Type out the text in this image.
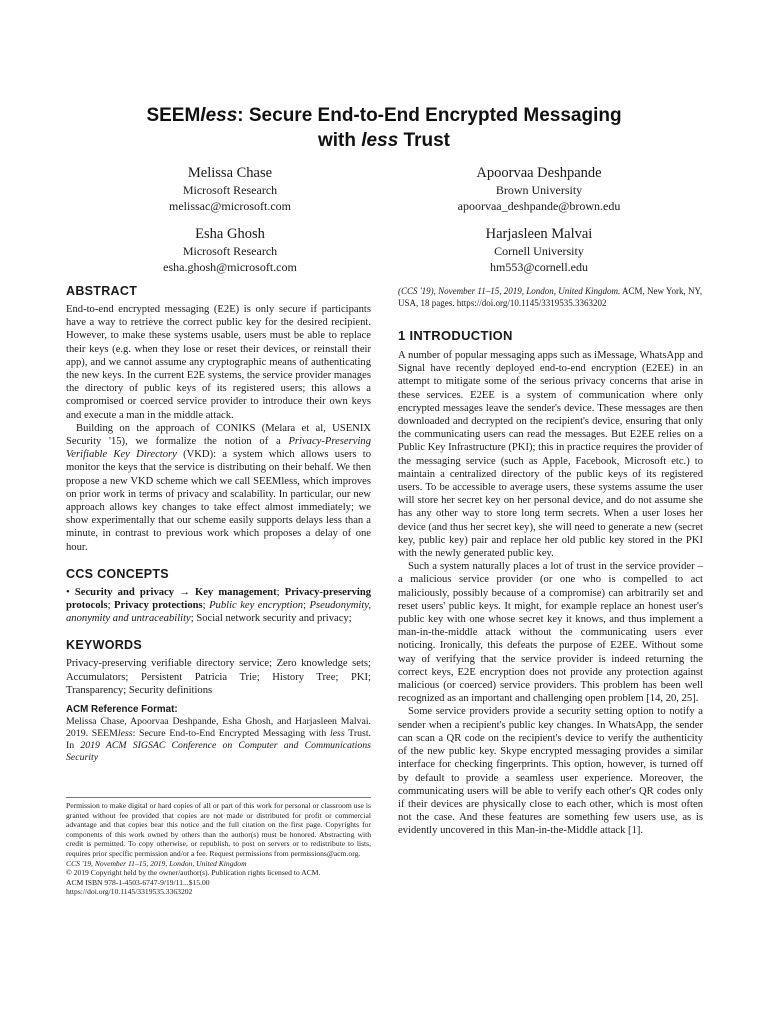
SEEMless: Secure End-to-End Encrypted Messaging
with less Trust
Melissa Chase
Microsoft Research
melissac@microsoft.com
Apoorvaa Deshpande
Brown University
apoorvaa_deshpande@brown.edu
Esha Ghosh
Microsoft Research
esha.ghosh@microsoft.com
Harjasleen Malvai
Cornell University
hm553@cornell.edu
ABSTRACT

End-to-end encrypted messaging (E2E) is only secure if participants have a way to retrieve the correct public key for the desired recipient. However, to make these systems usable, users must be able to replace their keys (e.g. when they lose or reset their devices, or reinstall their app), and we cannot assume any cryptographic means of authenticating the new keys. In the current E2E systems, the service provider manages the directory of public keys of its registered users; this allows a compromised or coerced service provider to introduce their own keys and execute a man in the middle attack.

Building on the approach of CONIKS (Melara et al, USENIX Security '15), we formalize the notion of a Privacy-Preserving Verifiable Key Directory (VKD): a system which allows users to monitor the keys that the service is distributing on their behalf. We then propose a new VKD scheme which we call SEEMless, which improves on prior work in terms of privacy and scalability. In particular, our new approach allows key changes to take effect almost immediately; we show experimentally that our scheme easily supports delays less than a minute, in contrast to previous work which proposes a delay of one hour.

CCS CONCEPTS

• Security and privacy → Key management; Privacy-preserving protocols; Privacy protections; Public key encryption; Pseudonymity, anonymity and untraceability; Social network security and privacy;

KEYWORDS

Privacy-preserving verifiable directory service; Zero knowledge sets; Accumulators; Persistent Patricia Trie; History Tree; PKI; Transparency; Security definitions

ACM Reference Format:

Melissa Chase, Apoorvaa Deshpande, Esha Ghosh, and Harjasleen Malvai. 2019. SEEMless: Secure End-to-End Encrypted Messaging with less Trust. In 2019 ACM SIGSAC Conference on Computer and Communications Security

Permission to make digital or hard copies of all or part of this work for personal or classroom use is granted without fee provided that copies are not made or distributed for profit or commercial advantage and that copies bear this notice and the full citation on the first page. Copyrights for components of this work owned by others than the author(s) must be honored. Abstracting with credit is permitted. To copy otherwise, or republish, to post on servers or to redistribute to lists, requires prior specific permission and/or a fee. Request permissions from permissions@acm.org.

CCS '19, November 11–15, 2019, London, United Kingdom

© 2019 Copyright held by the owner/author(s). Publication rights licensed to ACM.

ACM ISBN 978-1-4503-6747-9/19/11...$15.00

https://doi.org/10.1145/3319535.3363202

(CCS '19), November 11–15, 2019, London, United Kingdom. ACM, New York, NY, USA, 18 pages. https://doi.org/10.1145/3319535.3363202

1 INTRODUCTION

A number of popular messaging apps such as iMessage, WhatsApp and Signal have recently deployed end-to-end encryption (E2EE) in an attempt to mitigate some of the serious privacy concerns that arise in these services. E2EE is a system of communication where only encrypted messages leave the sender's device. These messages are then downloaded and decrypted on the recipient's device, ensuring that only the communicating users can read the messages. But E2EE relies on a Public Key Infrastructure (PKI); this in practice requires the provider of the messaging service (such as Apple, Facebook, Microsoft etc.) to maintain a centralized directory of the public keys of its registered users. To be accessible to average users, these systems assume the user will store her secret key on her personal device, and do not assume she has any other way to store long term secrets. When a user loses her device (and thus her secret key), she will need to generate a new (secret key, public key) pair and replace her old public key stored in the PKI with the newly generated public key.

Such a system naturally places a lot of trust in the service provider – a malicious service provider (or one who is compelled to act maliciously, possibly because of a compromise) can arbitrarily set and reset users' public keys. It might, for example replace an honest user's public key with one whose secret key it knows, and thus implement a man-in-the-middle attack without the communicating users ever noticing. Ironically, this defeats the purpose of E2EE. Without some way of verifying that the service provider is indeed returning the correct keys, E2E encryption does not provide any protection against malicious (or coerced) service providers. This problem has been well recognized as an important and challenging open problem [14, 20, 25].

Some service providers provide a security setting option to notify a sender when a recipient's public key changes. In WhatsApp, the sender can scan a QR code on the recipient's device to verify the authenticity of the new public key. Skype encrypted messaging provides a similar interface for checking fingerprints. This option, however, is turned off by default to provide a seamless user experience. Moreover, the communicating users will be able to verify each other's QR codes only if their devices are physically close to each other, which is most often not the case. And these features are something few users use, as is evidently uncovered in this Man-in-the-Middle attack [1].
